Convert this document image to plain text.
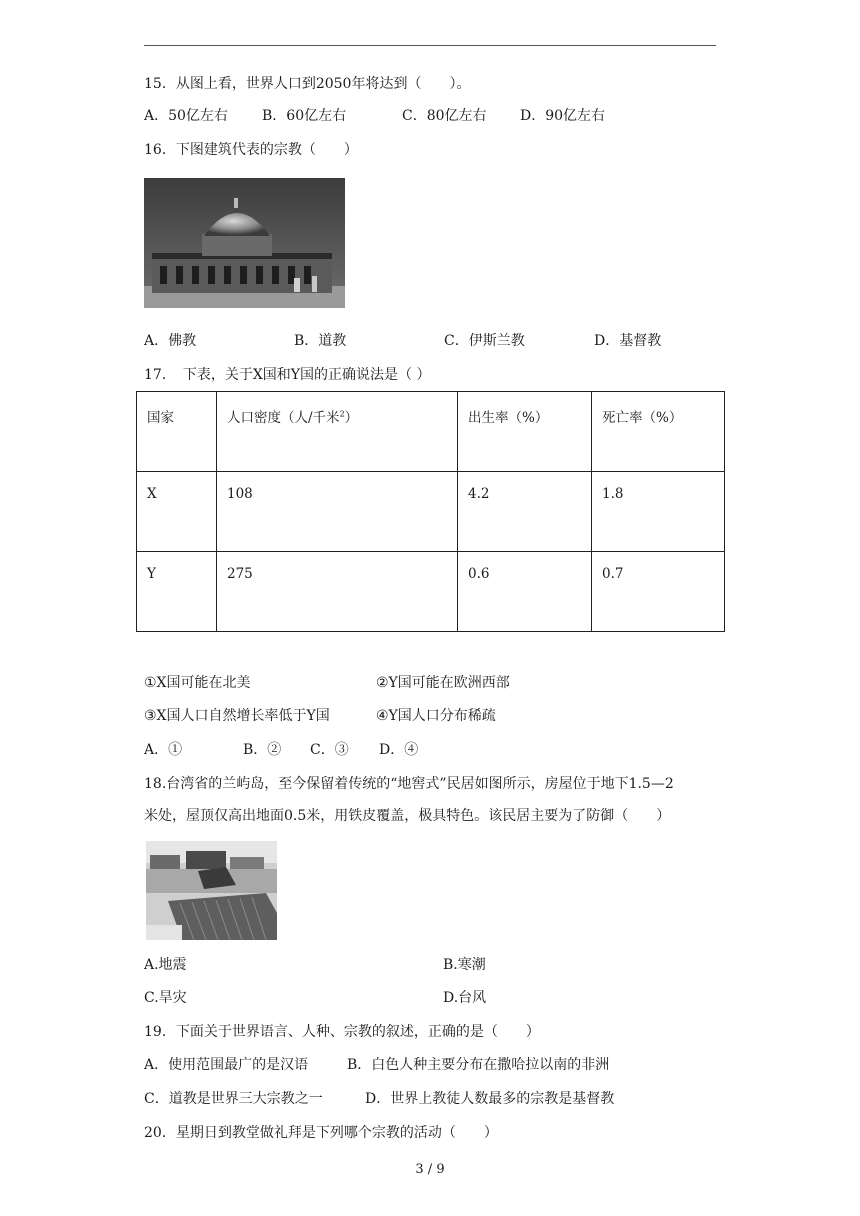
15．从图上看，世界人口到2050年将达到（　　）。
A．50亿左右 B．60亿左右	C．80亿左右 D．90亿左右
16．下图建筑代表的宗教（　　）
A．佛教	B．道教	C．伊斯兰教	D．基督教
17．　下表，关于X国和Y国的正确说法是（ ）
国家	人口密度（人/千米$^2$）	出生率（%）	死亡率（%）
X	108	4.2	1.8
Y	275	0.6	0.7
①X国可能在北美	②Y国可能在欧洲西部
③X国人口自然增长率低于Y国	④Y国人口分布稀疏
A．①	B．② C．③ D．④
18.台湾省的兰屿岛，至今保留着传统的“地窖式”民居如图所示，房屋位于地下1.5—2
米处，屋顶仅高出地面0.5米，用铁皮覆盖，极具特色。该民居主要为了防御（　　）
A.地震	B.寒潮
C.旱灾	D.台风
19．下面关于世界语言、人种、宗教的叙述，正确的是（　　）
A．使用范围最广的是汉语	B．白色人种主要分布在撒哈拉以南的非洲
C．道教是世界三大宗教之一	D．世界上教徒人数最多的宗教是基督教
20．星期日到教堂做礼拜是下列哪个宗教的活动（　　）
3 / 9
